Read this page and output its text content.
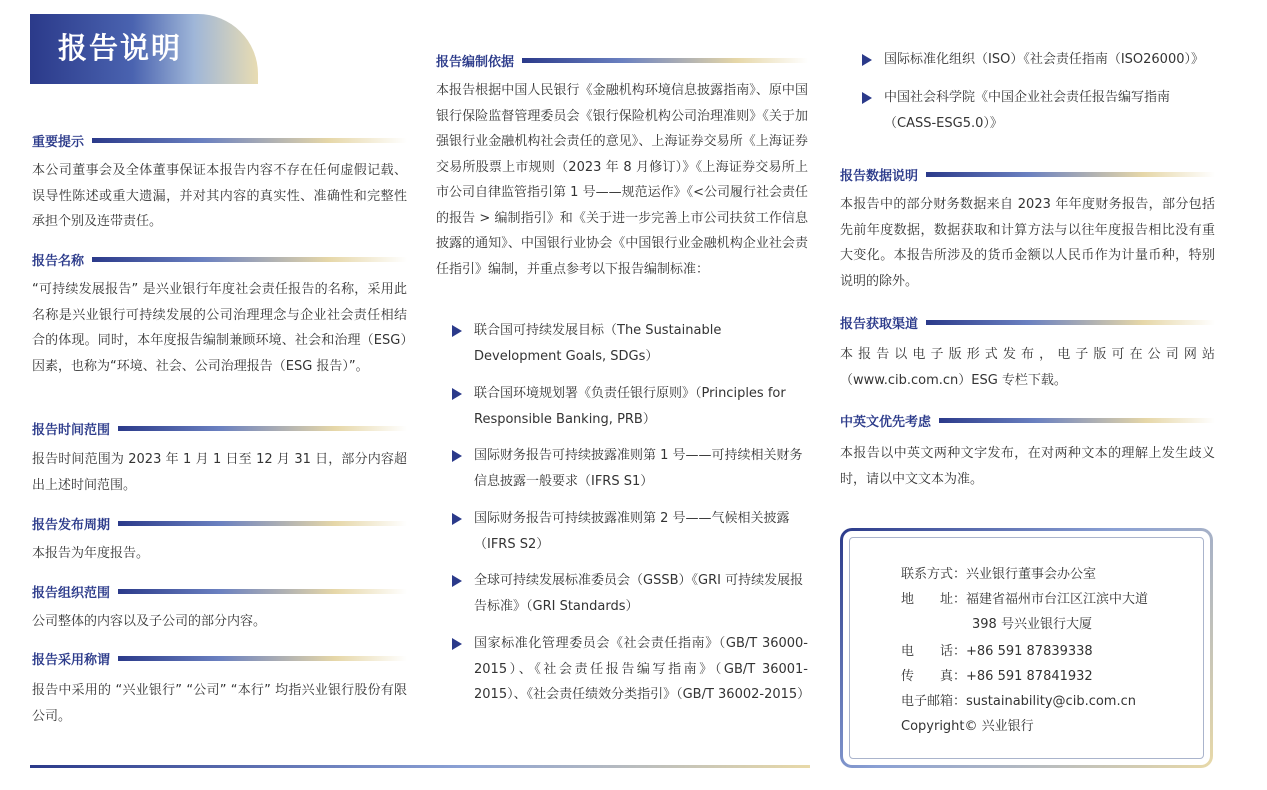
报告说明
重要提示
本公司董事会及全体董事保证本报告内容不存在任何虚假记载、误导性陈述或重大遗漏，并对其内容的真实性、准确性和完整性承担个别及连带责任。
报告名称
“可持续发展报告” 是兴业银行年度社会责任报告的名称，采用此名称是兴业银行可持续发展的公司治理理念与企业社会责任相结合的体现。同时，本年度报告编制兼顾环境、社会和治理（ESG）因素，也称为“环境、社会、公司治理报告（ESG 报告）”。
报告时间范围
报告时间范围为 2023 年 1 月 1 日至 12 月 31 日，部分内容超出上述时间范围。
报告发布周期
本报告为年度报告。
报告组织范围
公司整体的内容以及子公司的部分内容。
报告采用称谓
报告中采用的 “兴业银行” “公司” “本行” 均指兴业银行股份有限公司。
报告编制依据
本报告根据中国人民银行《金融机构环境信息披露指南》、原中国银行保险监督管理委员会《银行保险机构公司治理准则》《关于加强银行业金融机构社会责任的意见》、上海证券交易所《上海证券交易所股票上市规则（2023 年 8 月修订）》《上海证券交易所上市公司自律监管指引第 1 号——规范运作》《<公司履行社会责任的报告 > 编制指引》和《关于进一步完善上市公司扶贫工作信息披露的通知》、中国银行业协会《中国银行业金融机构企业社会责任指引》编制，并重点参考以下报告编制标准：
联合国可持续发展目标（The Sustainable Development Goals, SDGs）
联合国环境规划署《负责任银行原则》（Principles for Responsible Banking, PRB）
国际财务报告可持续披露准则第 1 号——可持续相关财务信息披露一般要求（IFRS S1）
国际财务报告可持续披露准则第 2 号——气候相关披露（IFRS S2）
全球可持续发展标准委员会（GSSB）《GRI 可持续发展报告标准》（GRI Standards）
国家标准化管理委员会《社会责任指南》（GB/T 36000-2015）、《社会责任报告编写指南》（GB/T 36001-2015）、《社会责任绩效分类指引》（GB/T 36002-2015）
国际标准化组织（ISO）《社会责任指南（ISO26000）》
中国社会科学院《中国企业社会责任报告编写指南（CASS-ESG5.0）》
报告数据说明
本报告中的部分财务数据来自 2023 年年度财务报告，部分包括先前年度数据，数据获取和计算方法与以往年度报告相比没有重大变化。本报告所涉及的货币金额以人民币作为计量币种，特别说明的除外。
报告获取渠道
本报告以电子版形式发布，电子版可在公司网站（www.cib.com.cn）ESG 专栏下载。
中英文优先考虑
本报告以中英文两种文字发布，在对两种文本的理解上发生歧义时，请以中文文本为准。
联系方式：兴业银行董事会办公室
地　　址：福建省福州市台江区江滨中大道
398 号兴业银行大厦
电　　话：+86 591 87839338
传　　真：+86 591 87841932
电子邮箱：sustainability@cib.com.cn
Copyright© 兴业银行
